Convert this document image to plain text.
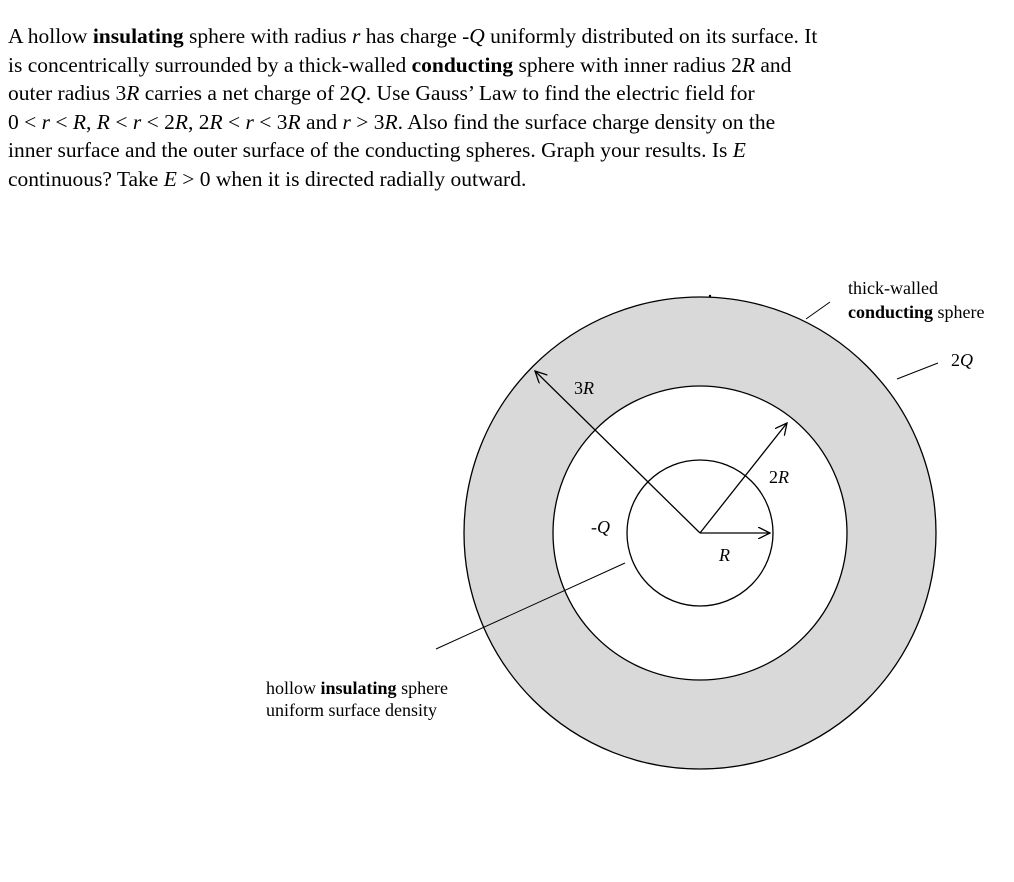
A hollow insulating sphere with radius r has charge -Q uniformly distributed on its surface. It
is concentrically surrounded by a thick-walled conducting sphere with inner radius 2R and
outer radius 3R carries a net charge of 2Q. Use Gauss’ Law to find the electric field for
0 < r < R, R < r < 2R, 2R < r < 3R and r > 3R. Also find the surface charge density on the
inner surface and the outer surface of the conducting spheres. Graph your results. Is E
continuous? Take E > 0 when it is directed radially outward.
thick-walled
conducting sphere
2Q
3R
2R
R
-Q
hollow insulating sphere
uniform surface density
